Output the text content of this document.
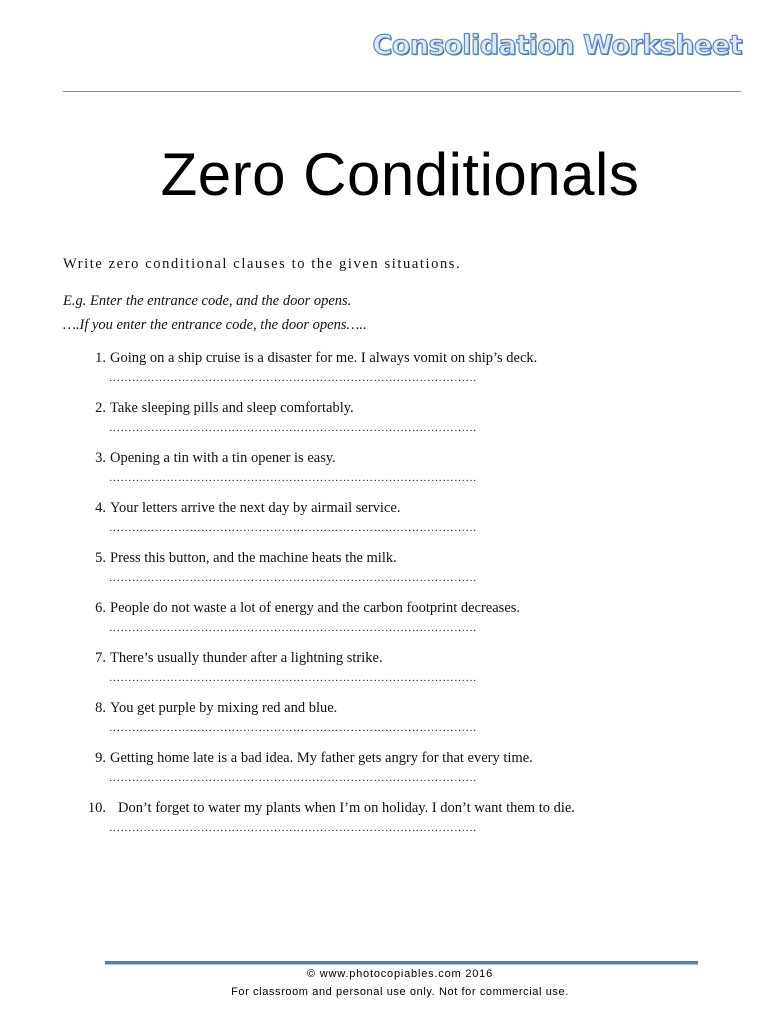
Consolidation Worksheet
Zero Conditionals
Write zero conditional clauses to the given situations.
E.g. Enter the entrance code, and the door opens.
….If you enter the entrance code, the door opens…..
1. Going on a ship cruise is a disaster for me. I always vomit on ship’s deck.
……………………………………………………………………………………
2. Take sleeping pills and sleep comfortably.
……………………………………………………………………………………
3. Opening a tin with a tin opener is easy.
……………………………………………………………………………………
4. Your letters arrive the next day by airmail service.
……………………………………………………………………………………
5. Press this button, and the machine heats the milk.
……………………………………………………………………………………
6. People do not waste a lot of energy and the carbon footprint decreases.
……………………………………………………………………………………
7. There’s usually thunder after a lightning strike.
……………………………………………………………………………………
8. You get purple by mixing red and blue.
……………………………………………………………………………………
9. Getting home late is a bad idea. My father gets angry for that every time.
……………………………………………………………………………………
10. Don’t forget to water my plants when I’m on holiday. I don’t want them to die.
……………………………………………………………………………………
© www.photocopiables.com 2016
For classroom and personal use only. Not for commercial use.
